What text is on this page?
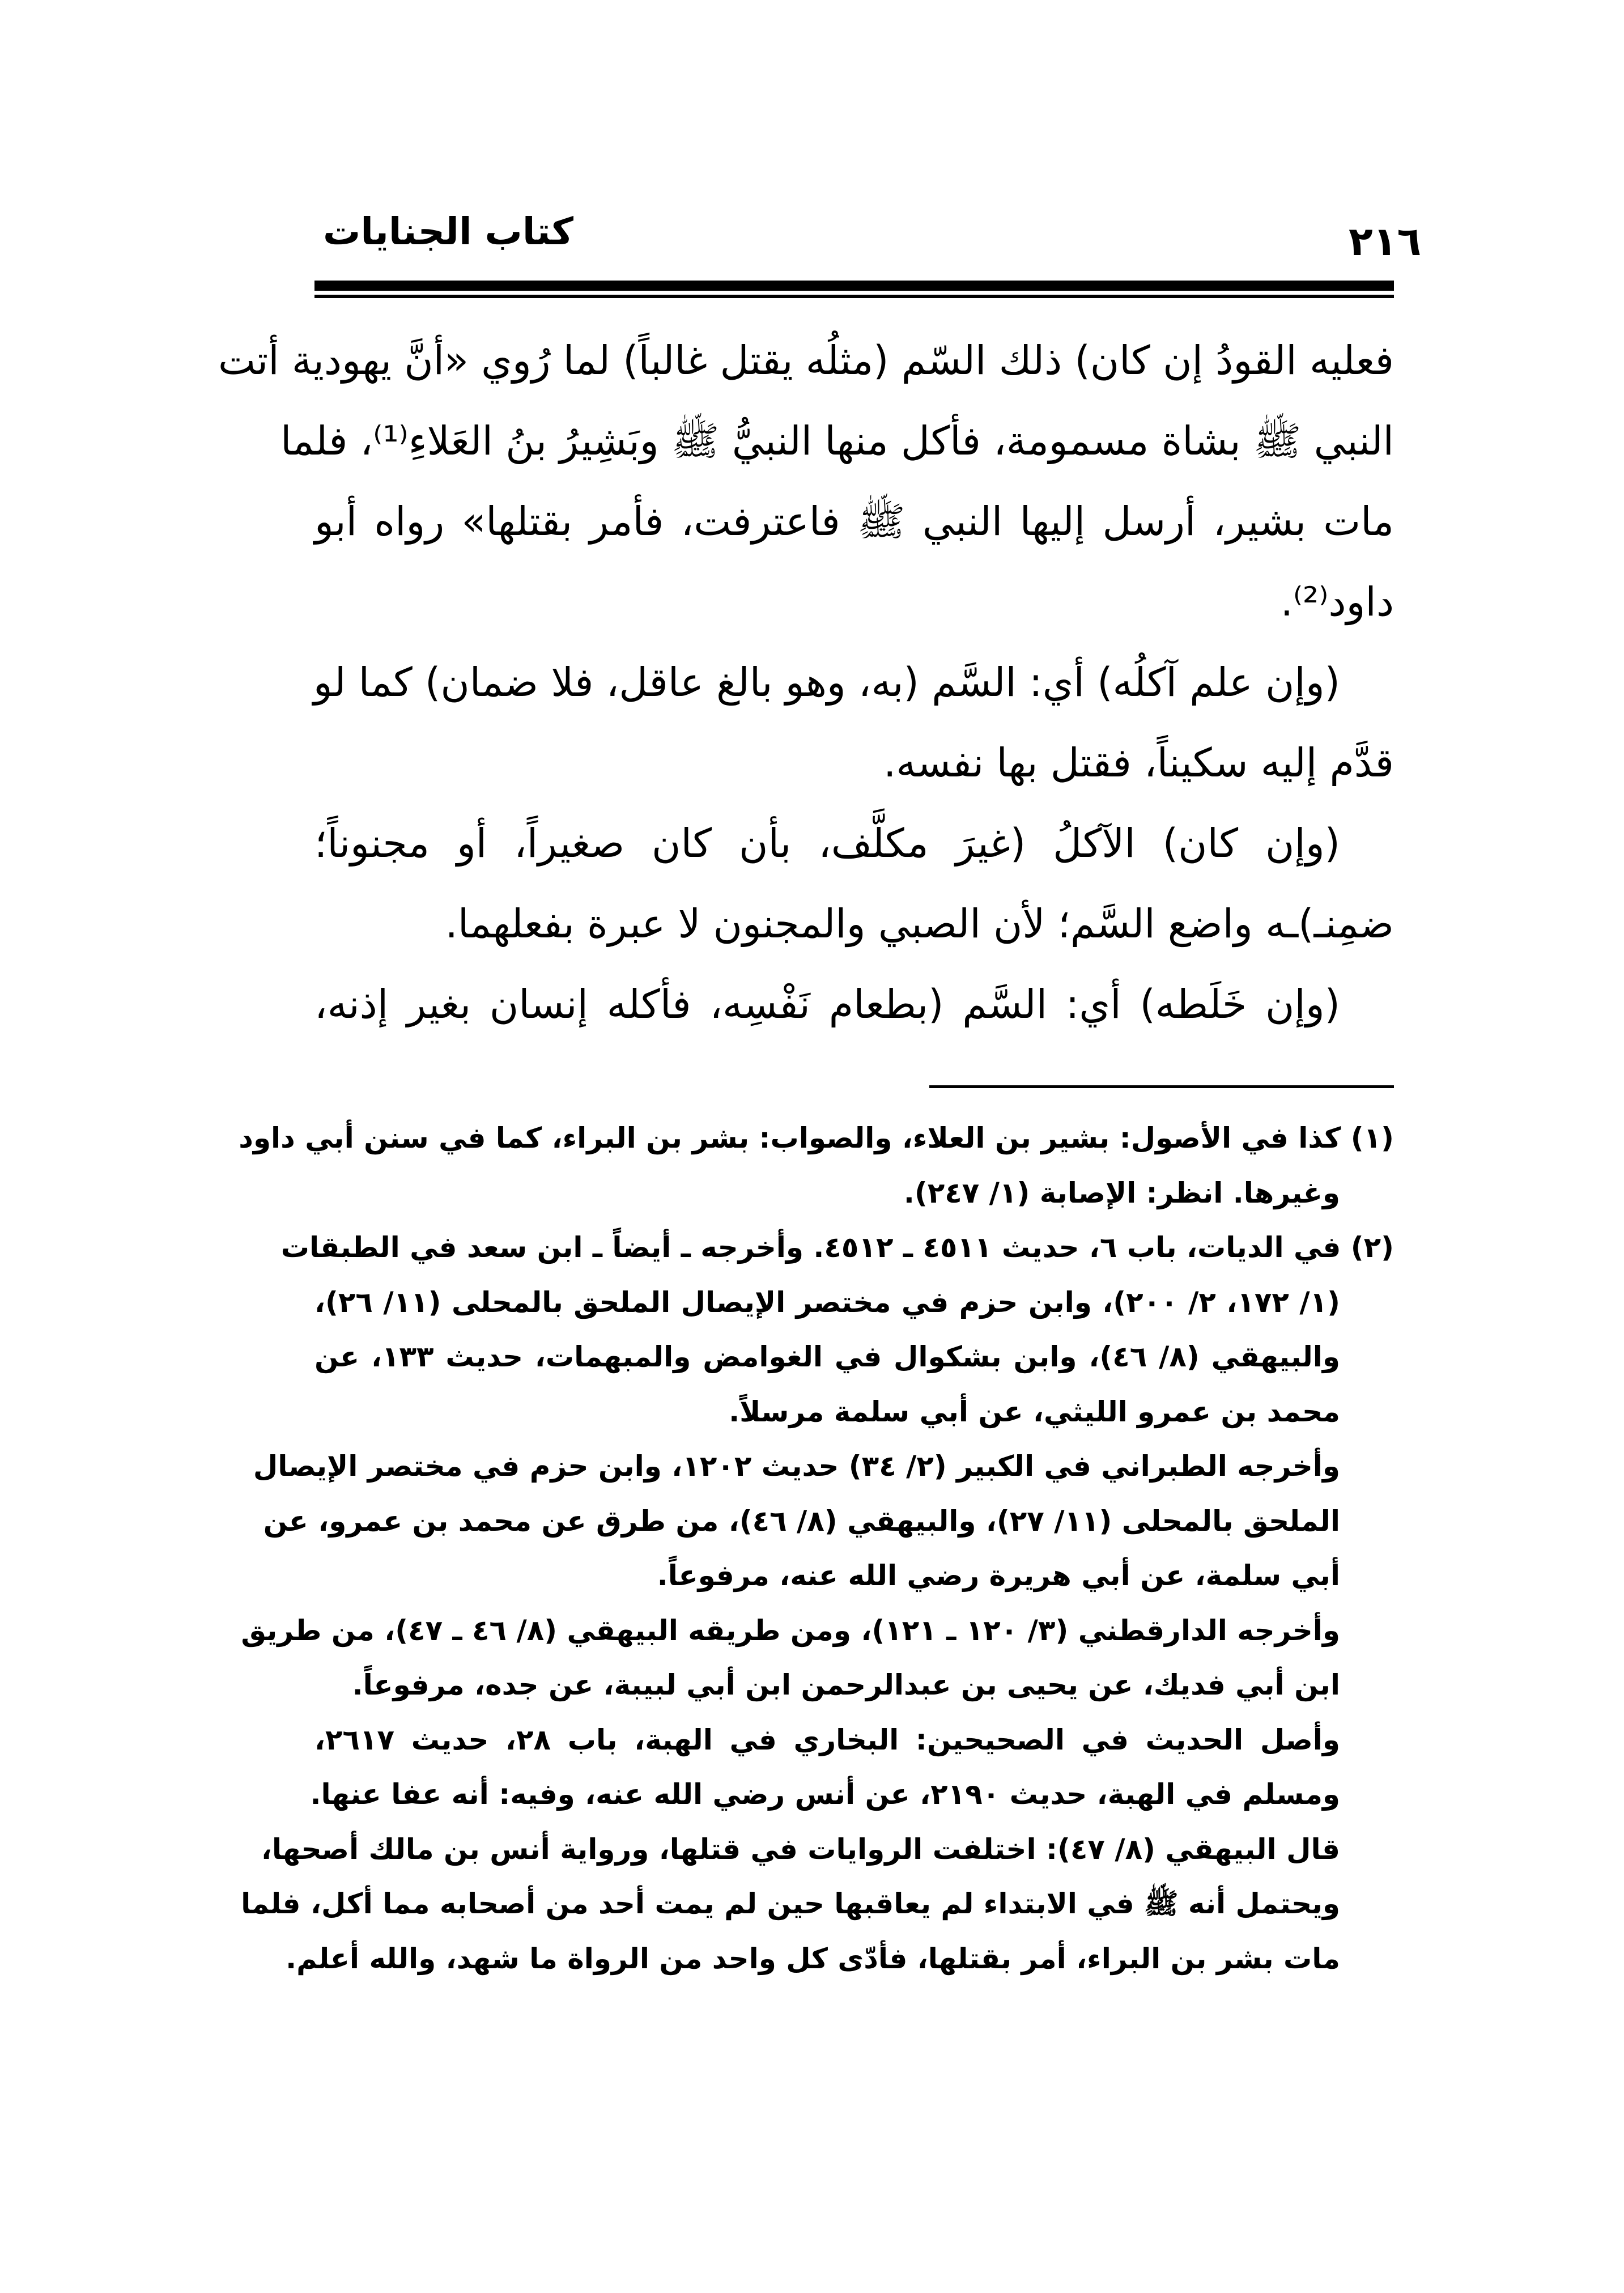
كتاب الجنايات	٢١٦
فعليه القودُ إن كان) ذلك السّم (مثلُه يقتل غالباً) لما رُوي «أنَّ يهودية أتت
النبي ﷺ بشاة مسمومة، فأكل منها النبيُّ ﷺ وبَشِيرُ بنُ العَلاءِ⁽¹⁾، فلما
مات بشير، أرسل إليها النبي ﷺ فاعترفت، فأمر بقتلها» رواه أبو
داود⁽²⁾.
(وإن علم آكلُه) أي: السَّم (به، وهو بالغ عاقل، فلا ضمان) كما لو
قدَّم إليه سكيناً، فقتل بها نفسه.
(وإن كان) الآكلُ (غيرَ مكلَّف، بأن كان صغيراً، أو مجنوناً؛
ضمِنـ)ـه واضع السَّم؛ لأن الصبي والمجنون لا عبرة بفعلهما.
(وإن خَلَطه) أي: السَّم (بطعام نَفْسِه، فأكله إنسان بغير إذنه،
(١) كذا في الأصول: بشير بن العلاء، والصواب: بشر بن البراء، كما في سنن أبي داود
وغيرها. انظر: الإصابة (١/ ٢٤٧).
(٢) في الديات، باب ٦، حديث ٤٥١١ ـ ٤٥١٢. وأخرجه ـ أيضاً ـ ابن سعد في الطبقات
(١/ ١٧٢، ٢/ ٢٠٠)، وابن حزم في مختصر الإيصال الملحق بالمحلى (١١/ ٢٦)،
والبيهقي (٨/ ٤٦)، وابن بشكوال في الغوامض والمبهمات، حديث ١٣٣، عن
محمد بن عمرو الليثي، عن أبي سلمة مرسلاً.
وأخرجه الطبراني في الكبير (٢/ ٣٤) حديث ١٢٠٢، وابن حزم في مختصر الإيصال
الملحق بالمحلى (١١/ ٢٧)، والبيهقي (٨/ ٤٦)، من طرق عن محمد بن عمرو، عن
أبي سلمة، عن أبي هريرة رضي الله عنه، مرفوعاً.
وأخرجه الدارقطني (٣/ ١٢٠ ـ ١٢١)، ومن طريقه البيهقي (٨/ ٤٦ ـ ٤٧)، من طريق
ابن أبي فديك، عن يحيى بن عبدالرحمن ابن أبي لبيبة، عن جده، مرفوعاً.
وأصل الحديث في الصحيحين: البخاري في الهبة، باب ٢٨، حديث ٢٦١٧،
ومسلم في الهبة، حديث ٢١٩٠، عن أنس رضي الله عنه، وفيه: أنه عفا عنها.
قال البيهقي (٨/ ٤٧): اختلفت الروايات في قتلها، ورواية أنس بن مالك أصحها،
ويحتمل أنه ﷺ في الابتداء لم يعاقبها حين لم يمت أحد من أصحابه مما أكل، فلما
مات بشر بن البراء، أمر بقتلها، فأدّى كل واحد من الرواة ما شهد، والله أعلم.
